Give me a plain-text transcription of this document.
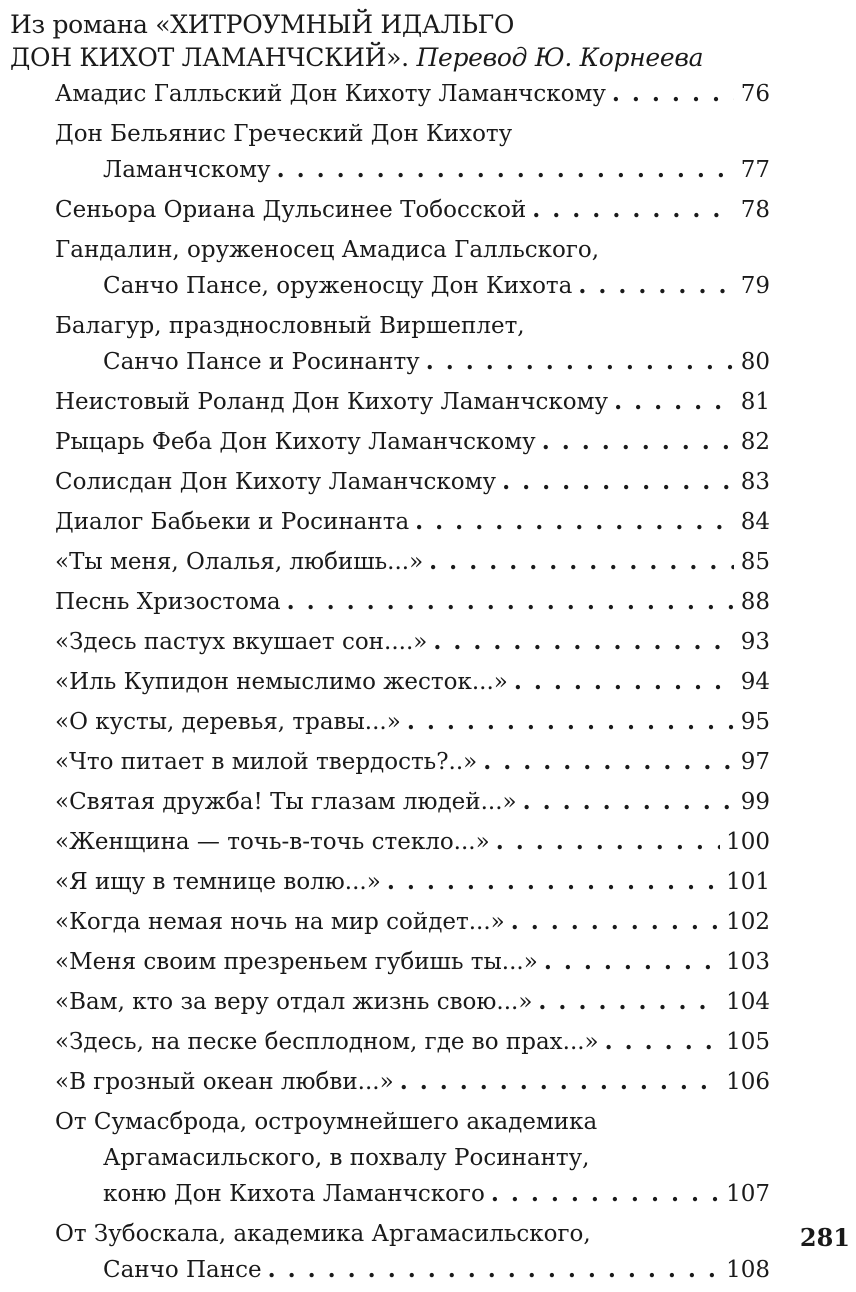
Из романа «ХИТРОУМНЫЙ ИДАЛЬГО
ДОН КИХОТ ЛАМАНЧСКИЙ». Перевод Ю. Корнеева
Амадис Галльский Дон Кихоту Ламанчскому . . .	76
Дон Бельянис Греческий Дон Кихоту
Ламанчскому . . .	77
Сеньора Ориана Дульсинее Тобосской . . .	78
Гандалин, оруженосец Амадиса Галльского,
Санчо Пансе, оруженосцу Дон Кихота . . .	79
Балагур, празднословный Виршеплет,
Санчо Пансе и Росинанту . . .	80
Неистовый Роланд Дон Кихоту Ламанчскому . . .	81
Рыцарь Феба Дон Кихоту Ламанчскому . . .	82
Солисдан Дон Кихоту Ламанчскому . . .	83
Диалог Бабьеки и Росинанта . . .	84
«Ты меня, Олалья, любишь...» . . .	85
Песнь Хризостома . . .	88
«Здесь пастух вкушает сон....» . . .	93
«Иль Купидон немыслимо жесток...» . . .	94
«О кусты, деревья, травы...» . . .	95
«Что питает в милой твердость?..» . . .	97
«Святая дружба! Ты глазам людей...» . . .	99
«Женщина — точь-в-точь стекло...» . . .	100
«Я ищу в темнице волю...» . . .	101
«Когда немая ночь на мир сойдет...» . . .	102
«Меня своим презреньем губишь ты...» . . .	103
«Вам, кто за веру отдал жизнь свою...» . . .	104
«Здесь, на песке бесплодном, где во прах...» . . .	105
«В грозный океан любви...» . . .	106
От Сумасброда, остроумнейшего академика
Аргамасильского, в похвалу Росинанту,
коню Дон Кихота Ламанчского . . .	107
От Зубоскала, академика Аргамасильского,
Санчо Пансе . . .	108
281
